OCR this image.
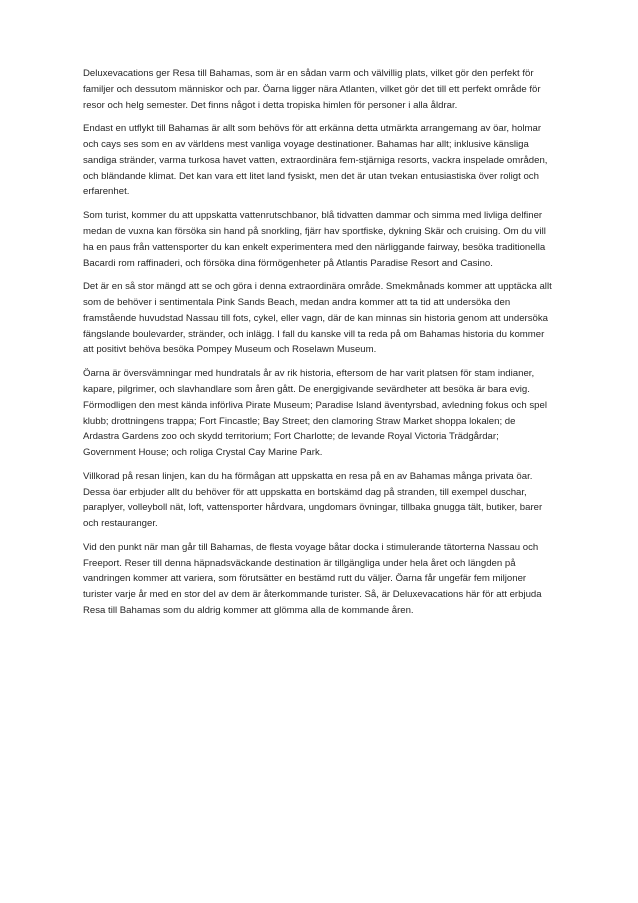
Deluxevacations ger Resa till Bahamas, som är en sådan varm och välvillig plats, vilket gör den perfekt för familjer och dessutom människor och par. Öarna ligger nära Atlanten, vilket gör det till ett perfekt område för resor och helg semester. Det finns något i detta tropiska himlen för personer i alla åldrar.

Endast en utflykt till Bahamas är allt som behövs för att erkänna detta utmärkta arrangemang av öar, holmar och cays ses som en av världens mest vanliga voyage destinationer. Bahamas har allt; inklusive känsliga sandiga stränder, varma turkosa havet vatten, extraordinära fem-stjärniga resorts, vackra inspelade områden, och bländande klimat. Det kan vara ett litet land fysiskt, men det är utan tvekan entusiastiska över roligt och erfarenhet.

Som turist, kommer du att uppskatta vattenrutschbanor, blå tidvatten dammar och simma med livliga delfiner medan de vuxna kan försöka sin hand på snorkling, fjärr hav sportfiske, dykning Skär och cruising. Om du vill ha en paus från vattensporter du kan enkelt experimentera med den närliggande fairway, besöka traditionella Bacardi rom raffinaderi, och försöka dina förmögenheter på Atlantis Paradise Resort and Casino.

Det är en så stor mängd att se och göra i denna extraordinära område. Smekmånads kommer att upptäcka allt som de behöver i sentimentala Pink Sands Beach, medan andra kommer att ta tid att undersöka den framstående huvudstad Nassau till fots, cykel, eller vagn, där de kan minnas sin historia genom att undersöka fängslande boulevarder, stränder, och inlägg. I fall du kanske vill ta reda på om Bahamas historia du kommer att positivt behöva besöka Pompey Museum och Roselawn Museum.

Öarna är översvämningar med hundratals år av rik historia, eftersom de har varit platsen för stam indianer, kapare, pilgrimer, och slavhandlare som åren gått. De energigivande sevärdheter att besöka är bara evig. Förmodligen den mest kända införliva Pirate Museum; Paradise Island äventyrsbad, avledning fokus och spel klubb; drottningens trappa; Fort Fincastle; Bay Street; den clamoring Straw Market shoppa lokalen; de Ardastra Gardens zoo och skydd territorium; Fort Charlotte; de levande Royal Victoria Trädgårdar; Government House; och roliga Crystal Cay Marine Park.

Villkorad på resan linjen, kan du ha förmågan att uppskatta en resa på en av Bahamas många privata öar. Dessa öar erbjuder allt du behöver för att uppskatta en bortskämd dag på stranden, till exempel duschar, paraplyer, volleyboll nät, loft, vattensporter hårdvara, ungdomars övningar, tillbaka gnugga tält, butiker, barer och restauranger.

Vid den punkt när man går till Bahamas, de flesta voyage båtar docka i stimulerande tätorterna Nassau och Freeport. Reser till denna häpnadsväckande destination är tillgängliga under hela året och längden på vandringen kommer att variera, som förutsätter en bestämd rutt du väljer. Öarna får ungefär fem miljoner turister varje år med en stor del av dem är återkommande turister. Så, är Deluxevacations här för att erbjuda Resa till Bahamas som du aldrig kommer att glömma alla de kommande åren.
